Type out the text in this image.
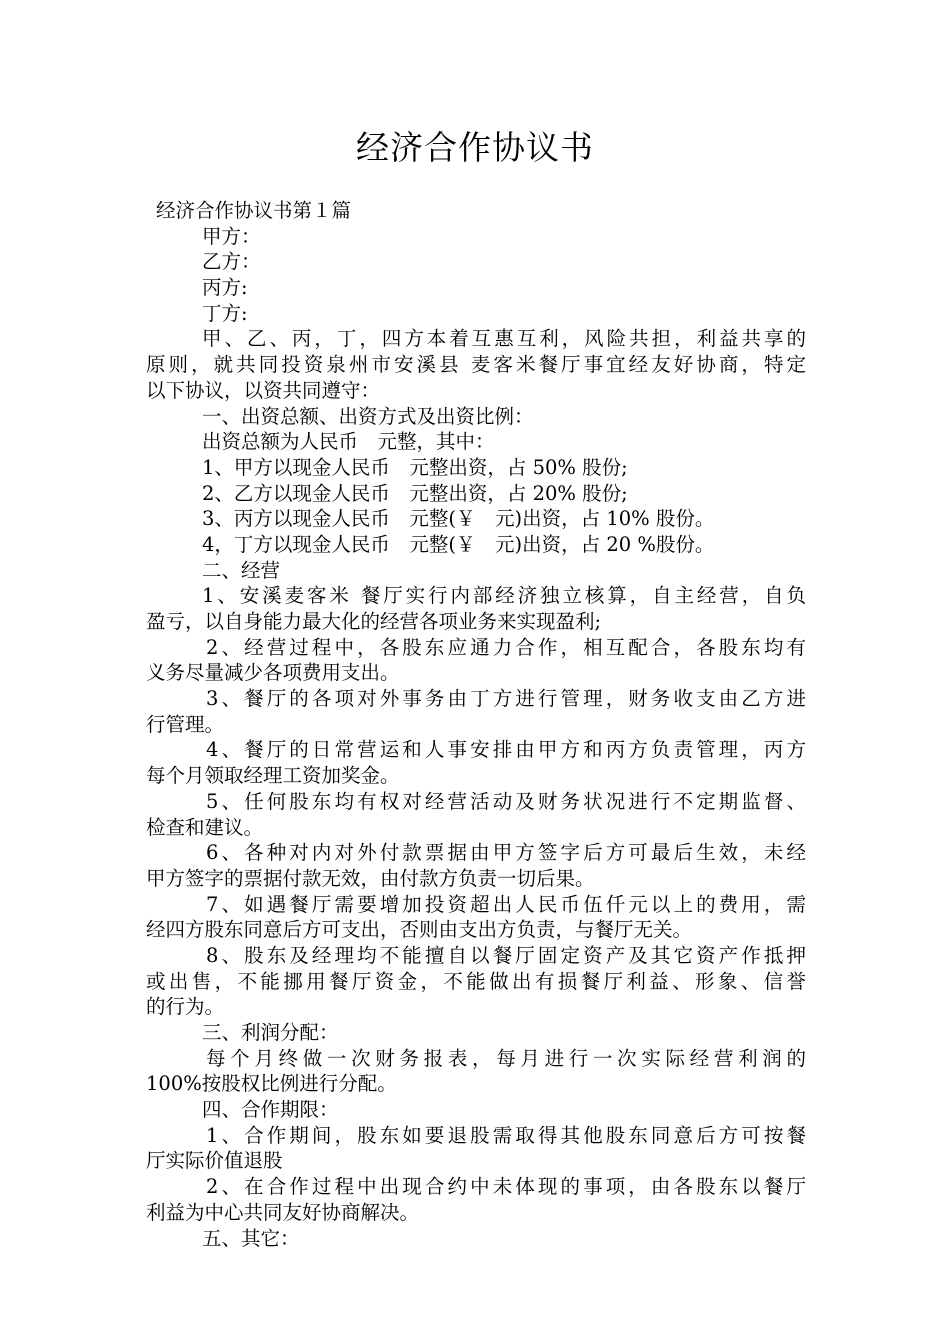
经济合作协议书
经济合作协议书第１篇
甲方：
乙方：
丙方:
丁方:
甲、乙、丙，丁，四方本着互惠互利，风险共担，利益共享的
原则，就共同投资泉州市安溪县 麦客米餐厅事宜经友好协商，特定
以下协议，以资共同遵守：
一、出资总额、出资方式及出资比例：
出资总额为人民币　元整，其中：
1、甲方以现金人民币　元整出资，占 50% 股份;
2、乙方以现金人民币　元整出资，占 20% 股份;
3、丙方以现金人民币　元整(￥　元)出资，占 10% 股份。
4，丁方以现金人民币　元整(￥　元)出资，占 20 %股份。
二、经营
1、安溪麦客米 餐厅实行内部经济独立核算，自主经营，自负
盈亏，以自身能力最大化的经营各项业务来实现盈利;
2、经营过程中，各股东应通力合作，相互配合，各股东均有
义务尽量减少各项费用支出。
3、餐厅的各项对外事务由丁方进行管理，财务收支由乙方进
行管理。
4、餐厅的日常营运和人事安排由甲方和丙方负责管理，丙方
每个月领取经理工资加奖金。
5、任何股东均有权对经营活动及财务状况进行不定期监督、
检查和建议。
6、各种对内对外付款票据由甲方签字后方可最后生效，未经
甲方签字的票据付款无效，由付款方负责一切后果。
7、如遇餐厅需要增加投资超出人民币伍仟元以上的费用，需
经四方股东同意后方可支出，否则由支出方负责，与餐厅无关。
8、股东及经理均不能擅自以餐厅固定资产及其它资产作抵押
或出售，不能挪用餐厅资金，不能做出有损餐厅利益、形象、信誉
的行为。
三、利润分配：
每个月终做一次财务报表，每月进行一次实际经营利润的
100%按股权比例进行分配。
四、合作期限：
1、合作期间，股东如要退股需取得其他股东同意后方可按餐
厅实际价值退股
2、在合作过程中出现合约中未体现的事项，由各股东以餐厅
利益为中心共同友好协商解决。
五、其它：
